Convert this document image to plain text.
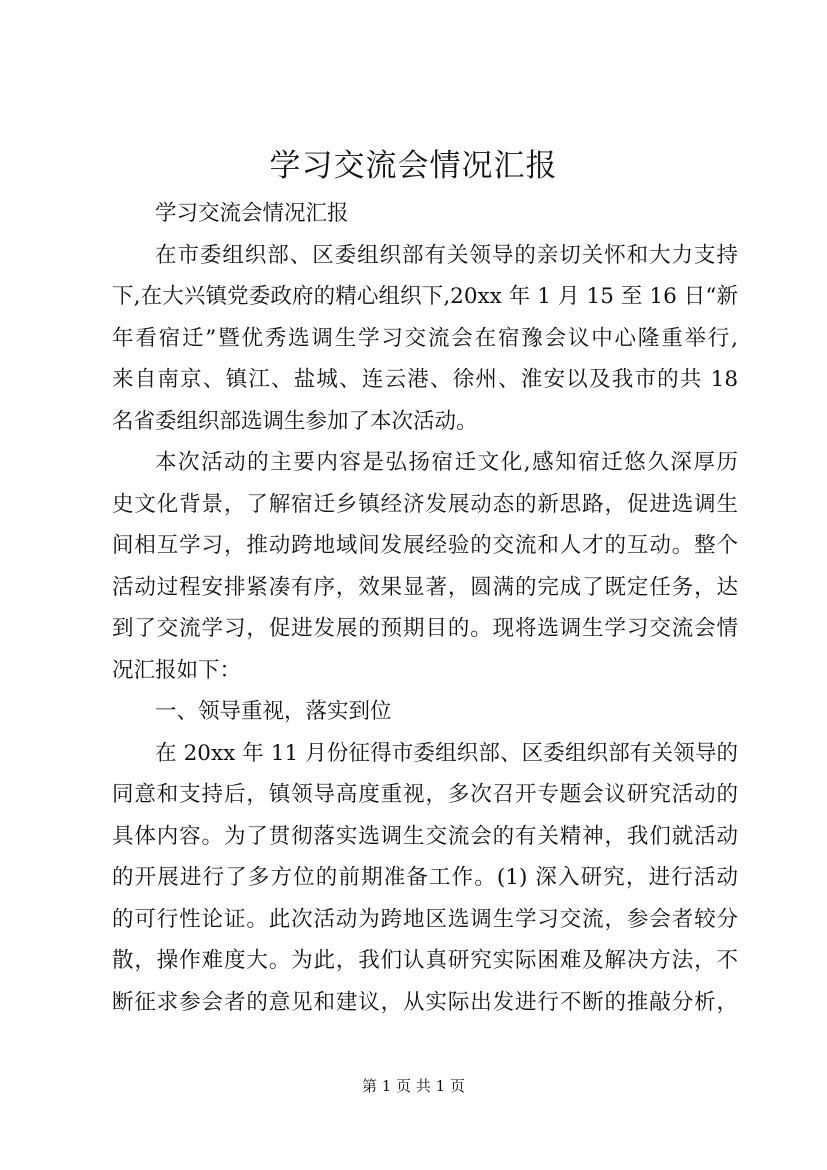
学习交流会情况汇报
学习交流会情况汇报
在市委组织部、区委组织部有关领导的亲切关怀和大力支持
下,在大兴镇党委政府的精心组织下,20xx 年 1 月 15 至 16 日“新
年看宿迁”暨优秀选调生学习交流会在宿豫会议中心隆重举行,
来自南京、镇江、盐城、连云港、徐州、淮安以及我市的共 18
名省委组织部选调生参加了本次活动。
本次活动的主要内容是弘扬宿迁文化,感知宿迁悠久深厚历
史文化背景，了解宿迁乡镇经济发展动态的新思路，促进选调生
间相互学习，推动跨地域间发展经验的交流和人才的互动。整个
活动过程安排紧凑有序，效果显著，圆满的完成了既定任务，达
到了交流学习，促进发展的预期目的。现将选调生学习交流会情
况汇报如下：
一、领导重视，落实到位
在 20xx 年 11 月份征得市委组织部、区委组织部有关领导的
同意和支持后，镇领导高度重视，多次召开专题会议研究活动的
具体内容。为了贯彻落实选调生交流会的有关精神，我们就活动
的开展进行了多方位的前期准备工作。(1) 深入研究，进行活动
的可行性论证。此次活动为跨地区选调生学习交流，参会者较分
散，操作难度大。为此，我们认真研究实际困难及解决方法，不
断征求参会者的意见和建议，从实际出发进行不断的推敲分析，
第 1 页 共 1 页
